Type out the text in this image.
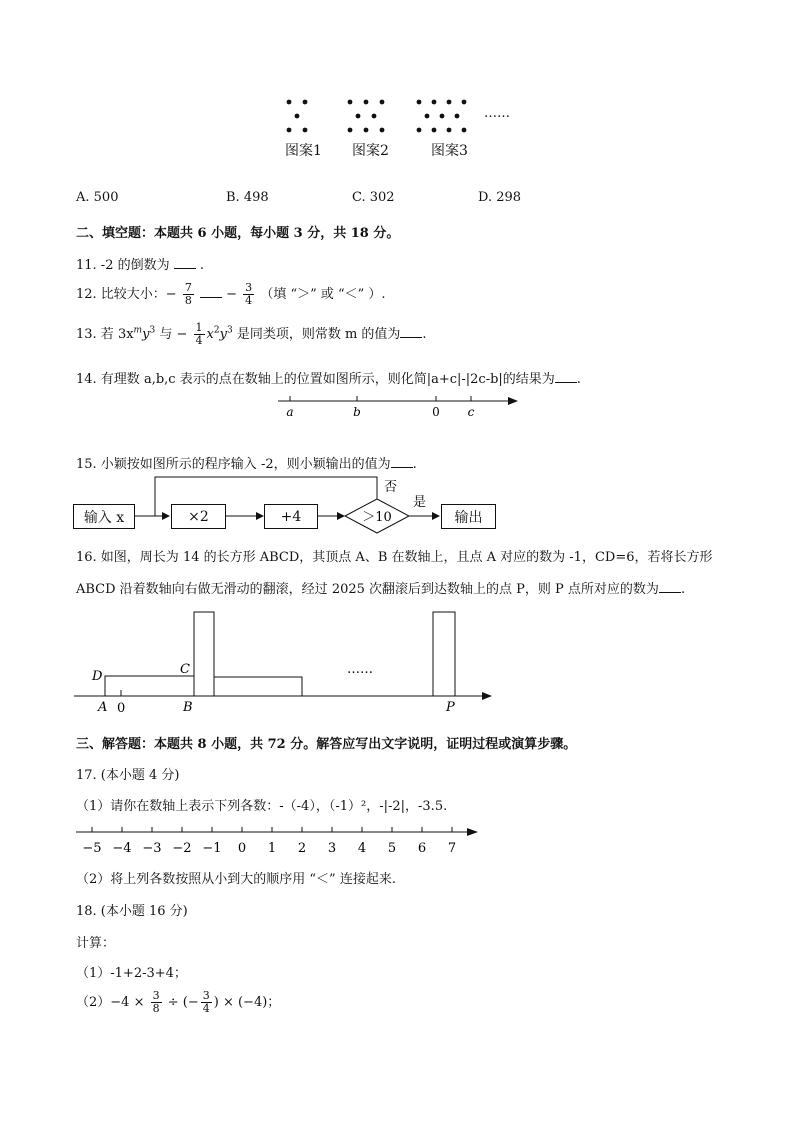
图案1 图案2	图案3
……
A. 500	B. 498	C. 302	D. 298
二、填空题：本题共 6 小题，每小题 3 分，共 18 分。
11. -2 的倒数为 .
12. 比较大小：− $\frac{7}{8} - \frac{3}{4}$ （填 “＞” 或 “＜” ）.
13. 若 $3x^my^3$ 与 − $\frac{1}{4} x^2y^3$ 是同类项，则常数 m 的值为 .
14. 有理数 a,b,c 表示的点在数轴上的位置如图所示，则化简|a+c|-|2c-b|的结果为 .
a	b	0 c
15. 小颖按如图所示的程序输入 -2，则小颖输出的值为 .
否
是
＞10
输入 x	×2	+4	输出
16. 如图，周长为 14 的长方形 ABCD，其顶点 A、B 在数轴上，且点 A 对应的数为 -1，CD=6，若将长方形
ABCD 沿着数轴向右做无滑动的翻滚，经过 2025 次翻滚后到达数轴上的点 P，则 P 点所对应的数为 .
D	C
A 0	B	P
……
三、解答题：本题共 8 小题，共 72 分。解答应写出文字说明，证明过程或演算步骤。
17. (本小题 4 分)
（1）请你在数轴上表示下列各数：-（-4），（-1）²，-|-2|，-3.5.
−5 −4 −3 −2 −1 0 1 2 3 4 5 6 7
（2）将上列各数按照从小到大的顺序用 “＜” 连接起来.
18. (本小题 16 分)
计算：
（1）-1+2-3+4；
$(2)-4 \times \frac{3}{8}$ ÷ (− $\frac{3}{4}$ ) × (−4)；
